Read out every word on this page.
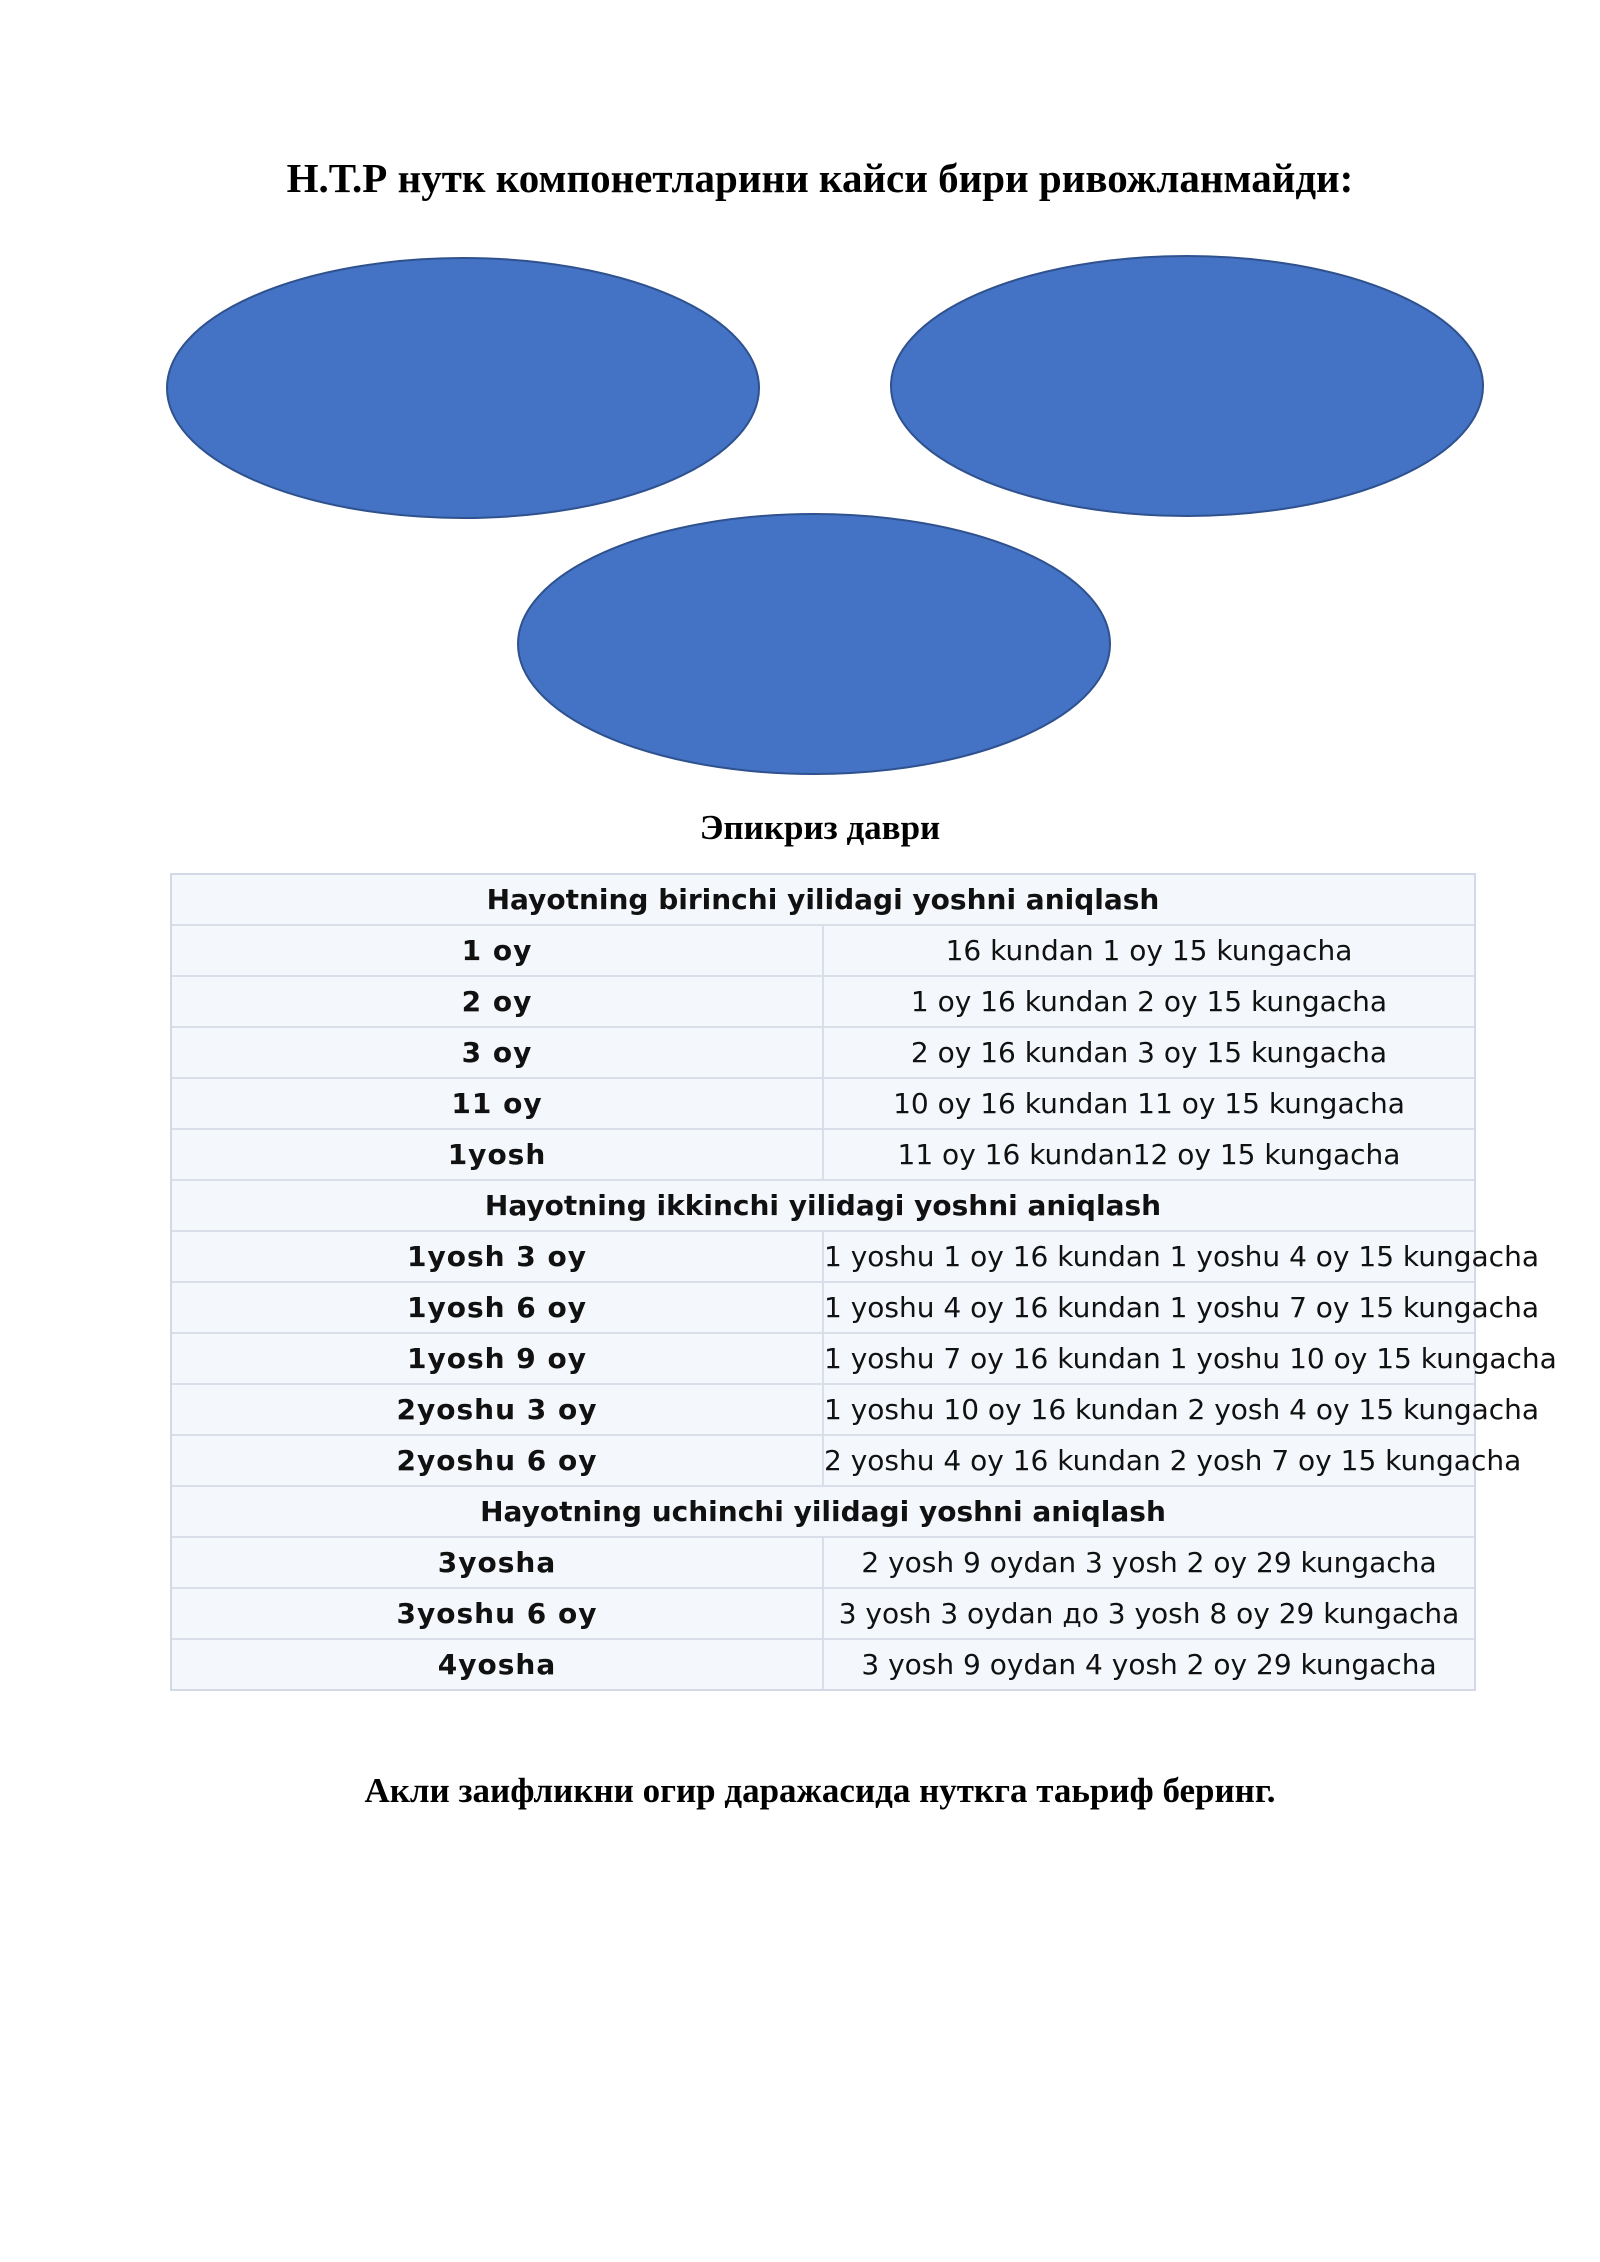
Н.Т.Р нутк компонетларини кайси бири ривожланмайди:
Эпикриз даври
Hayotning birinchi yilidagi yoshni aniqlash	
1 oy	16 kundan 1 oy 15 kungacha
2 oy	1 oy 16 kundan 2 oy 15 kungacha
3 oy	2 oy 16 kundan 3 oy 15 kungacha
11 oy	10 oy 16 kundan 11 oy 15 kungacha
1yosh	11 oy 16 kundan12 oy 15 kungacha
Hayotning ikkinchi yilidagi yoshni aniqlash	
1yosh 3 oy	1 yoshu 1 oy 16 kundan 1 yoshu 4 oy 15 kungacha
1yosh 6 oy	1 yoshu 4 oy 16 kundan 1 yoshu 7 oy 15 kungacha
1yosh 9 oy	1 yoshu 7 oy 16 kundan 1 yoshu 10 oy 15 kungacha
2yoshu 3 oy	1 yoshu 10 oy 16 kundan 2 yosh 4 oy 15 kungacha
2yoshu 6 oy	2 yoshu 4 oy 16 kundan 2 yosh 7 oy 15 kungacha
Hayotning uchinchi yilidagi yoshni aniqlash	
3yosha	2 yosh 9 oydan 3 yosh 2 oy 29 kungacha
3yoshu 6 oy	3 yosh 3 oydan до 3 yosh 8 oy 29 kungacha
4yosha	3 yosh 9 oydan 4 yosh 2 oy 29 kungacha
Акли заифликни огир даражасида нуткга таьриф беринг.
